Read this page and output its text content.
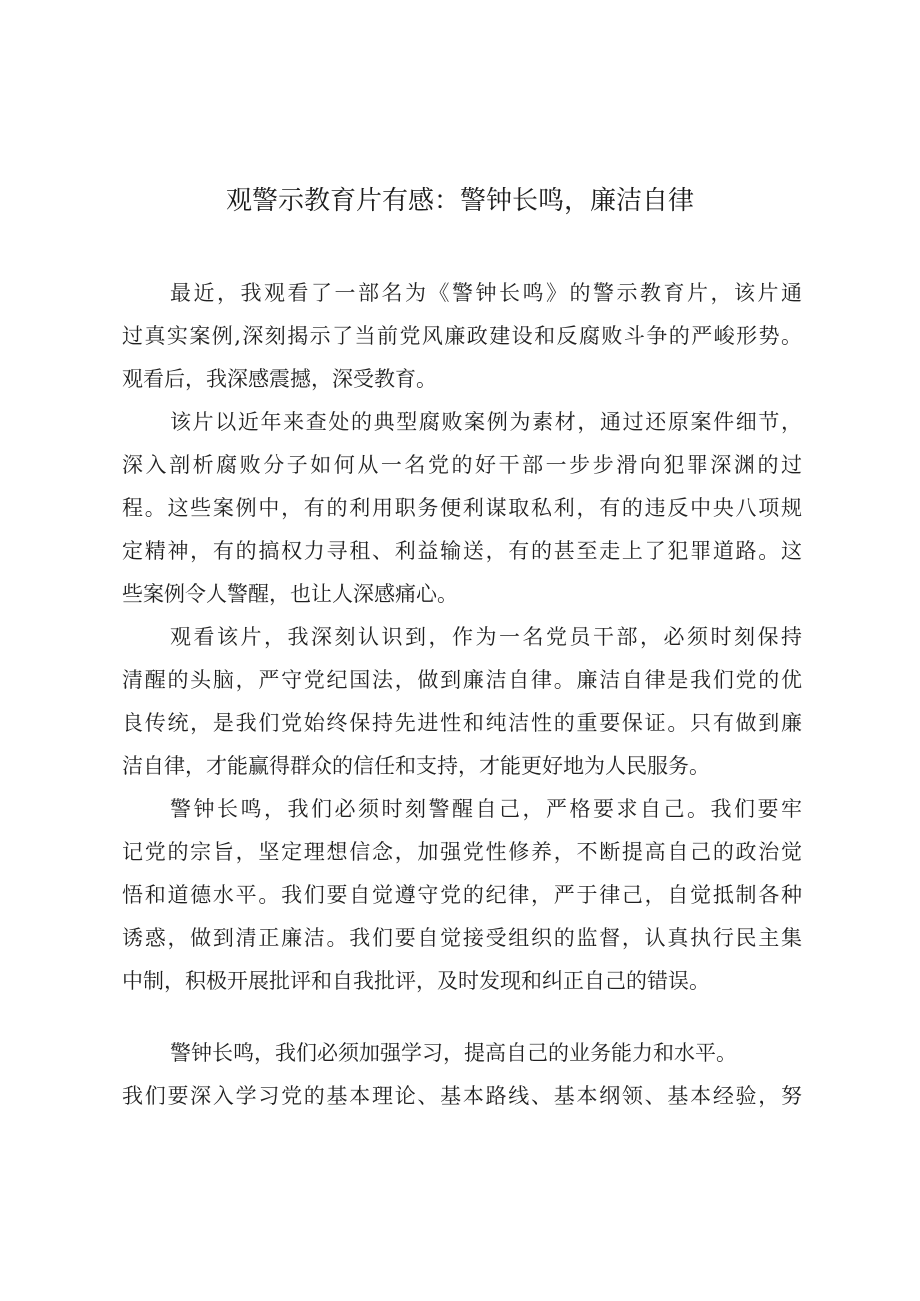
观警示教育片有感：警钟长鸣，廉洁自律
最近，我观看了一部名为《警钟长鸣》的警示教育片，该片通
过真实案例,深刻揭示了当前党风廉政建设和反腐败斗争的严峻形势。
观看后，我深感震撼，深受教育。
该片以近年来查处的典型腐败案例为素材，通过还原案件细节，
深入剖析腐败分子如何从一名党的好干部一步步滑向犯罪深渊的过
程。这些案例中，有的利用职务便利谋取私利，有的违反中央八项规
定精神，有的搞权力寻租、利益输送，有的甚至走上了犯罪道路。这
些案例令人警醒，也让人深感痛心。
观看该片，我深刻认识到，作为一名党员干部，必须时刻保持
清醒的头脑，严守党纪国法，做到廉洁自律。廉洁自律是我们党的优
良传统，是我们党始终保持先进性和纯洁性的重要保证。只有做到廉
洁自律，才能赢得群众的信任和支持，才能更好地为人民服务。
警钟长鸣，我们必须时刻警醒自己，严格要求自己。我们要牢
记党的宗旨，坚定理想信念，加强党性修养，不断提高自己的政治觉
悟和道德水平。我们要自觉遵守党的纪律，严于律己，自觉抵制各种
诱惑，做到清正廉洁。我们要自觉接受组织的监督，认真执行民主集
中制，积极开展批评和自我批评，及时发现和纠正自己的错误。
警钟长鸣，我们必须加强学习，提高自己的业务能力和水平。
我们要深入学习党的基本理论、基本路线、基本纲领、基本经验，努
